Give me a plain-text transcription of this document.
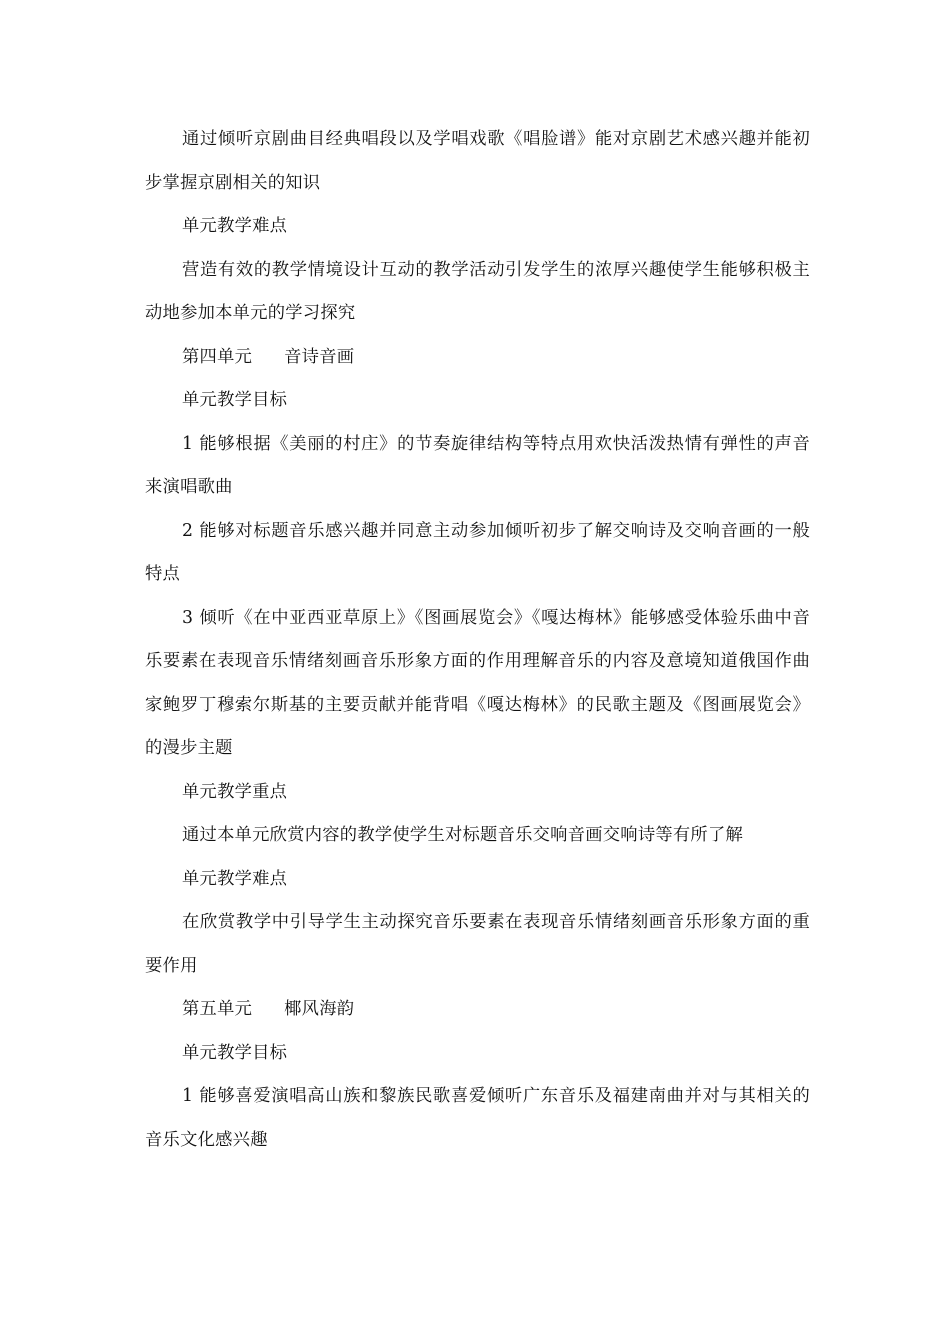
通过倾听京剧曲目经典唱段以及学唱戏歌《唱脸谱》能对京剧艺术感兴趣并能初步掌握京剧相关的知识

单元教学难点

营造有效的教学情境设计互动的教学活动引发学生的浓厚兴趣使学生能够积极主动地参加本单元的学习探究

第四单元 音诗音画

单元教学目标

1 能够根据《美丽的村庄》的节奏旋律结构等特点用欢快活泼热情有弹性的声音来演唱歌曲

2 能够对标题音乐感兴趣并同意主动参加倾听初步了解交响诗及交响音画的一般特点

3 倾听《在中亚西亚草原上》《图画展览会》《嘎达梅林》能够感受体验乐曲中音乐要素在表现音乐情绪刻画音乐形象方面的作用理解音乐的内容及意境知道俄国作曲家鲍罗丁穆索尔斯基的主要贡献并能背唱《嘎达梅林》的民歌主题及《图画展览会》的漫步主题

单元教学重点

通过本单元欣赏内容的教学使学生对标题音乐交响音画交响诗等有所了解

单元教学难点

在欣赏教学中引导学生主动探究音乐要素在表现音乐情绪刻画音乐形象方面的重要作用

第五单元 椰风海韵

单元教学目标

1 能够喜爱演唱高山族和黎族民歌喜爱倾听广东音乐及福建南曲并对与其相关的音乐文化感兴趣
